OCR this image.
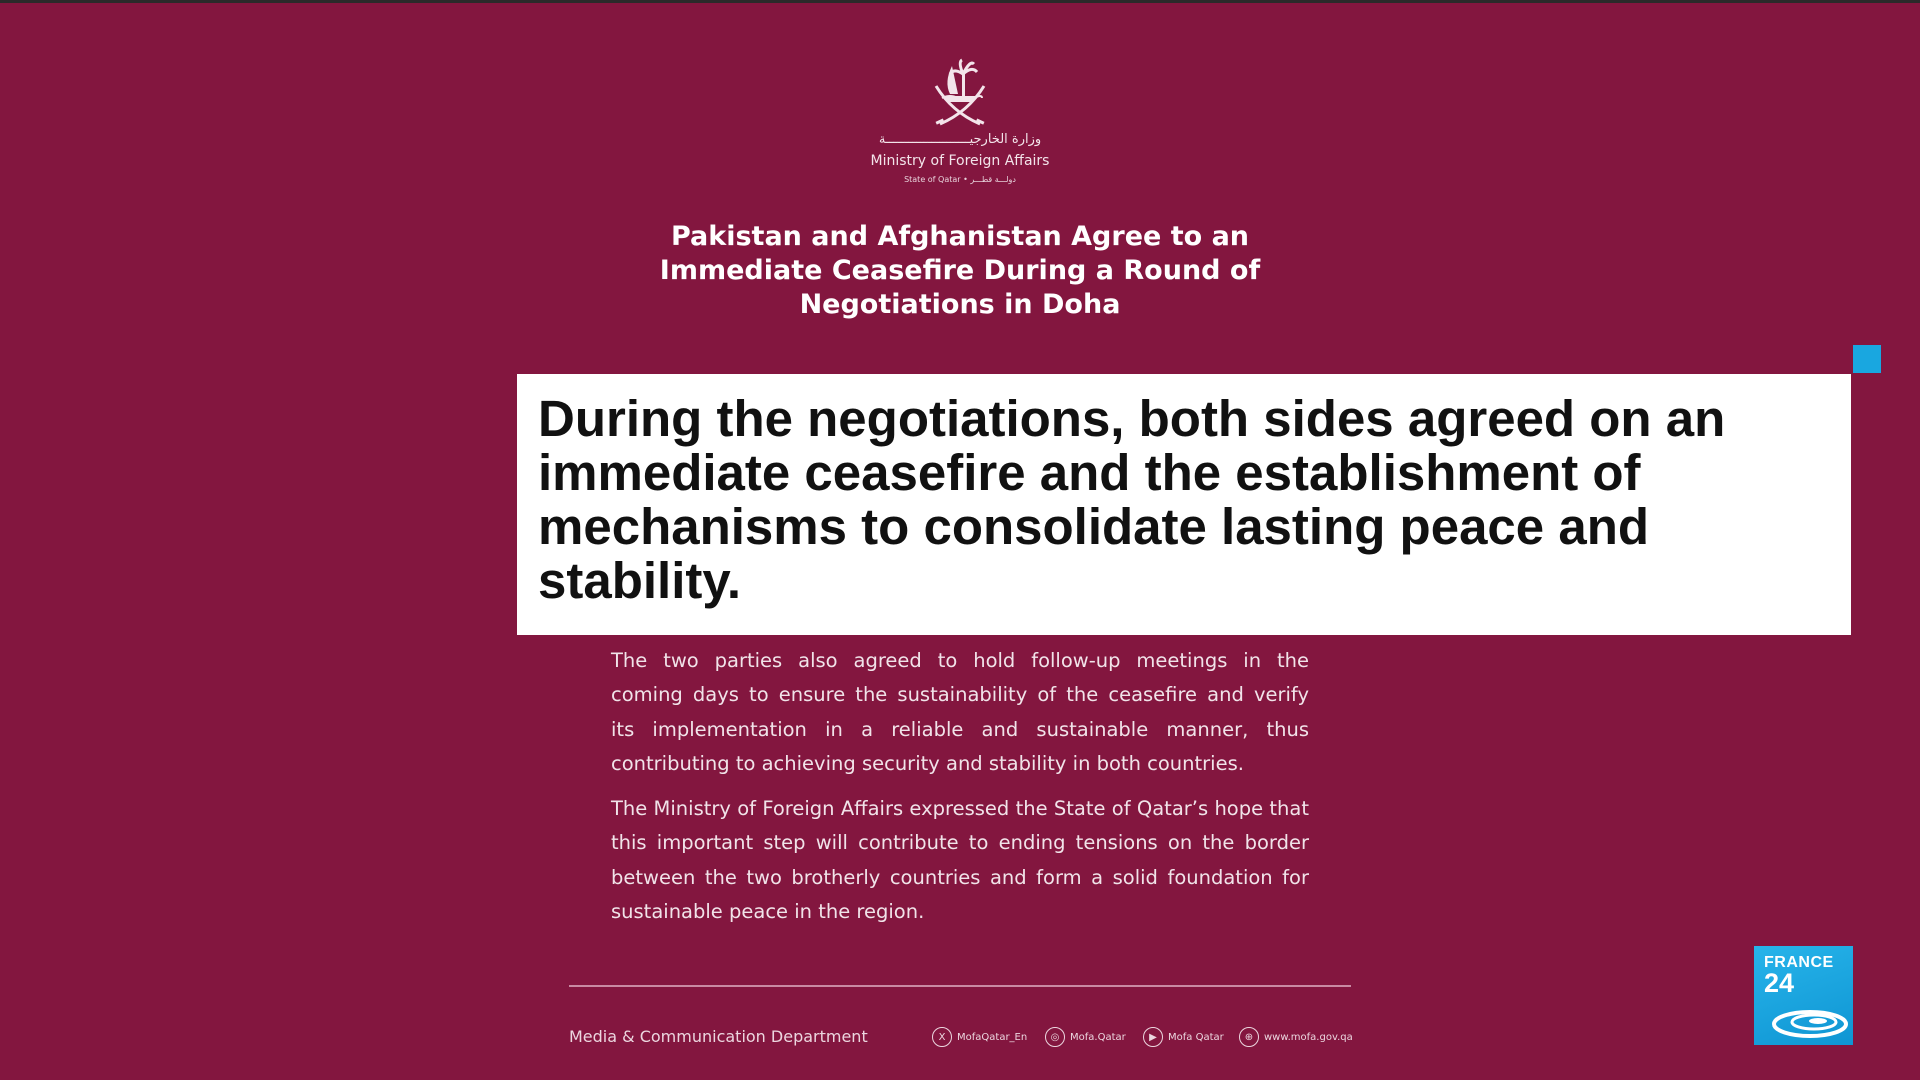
وزارة الخارجيــــــــــــــــــــــة
Ministry of Foreign Affairs
State of Qatar • دولـــة قطـــر
Pakistan and Afghanistan Agree to an
Immediate Ceasefire During a Round of
Negotiations in Doha

During the negotiations, both sides agreed on an
immediate ceasefire and the establishment of
mechanisms to consolidate lasting peace and
stability.

The two parties also agreed to hold follow-up meetings in the
coming days to ensure the sustainability of the ceasefire and verify
its implementation in a reliable and sustainable manner, thus
contributing to achieving security and stability in both countries.

The Ministry of Foreign Affairs expressed the State of Qatar’s hope that
this important step will contribute to ending tensions on the border
between the two brotherly countries and form a solid foundation for
sustainable peace in the region.

Media & Communication Department	X	MofaQatar_En	◎	Mofa.Qatar	▶	Mofa Qatar	⊕	www.mofa.gov.qa
FRANCE
24
